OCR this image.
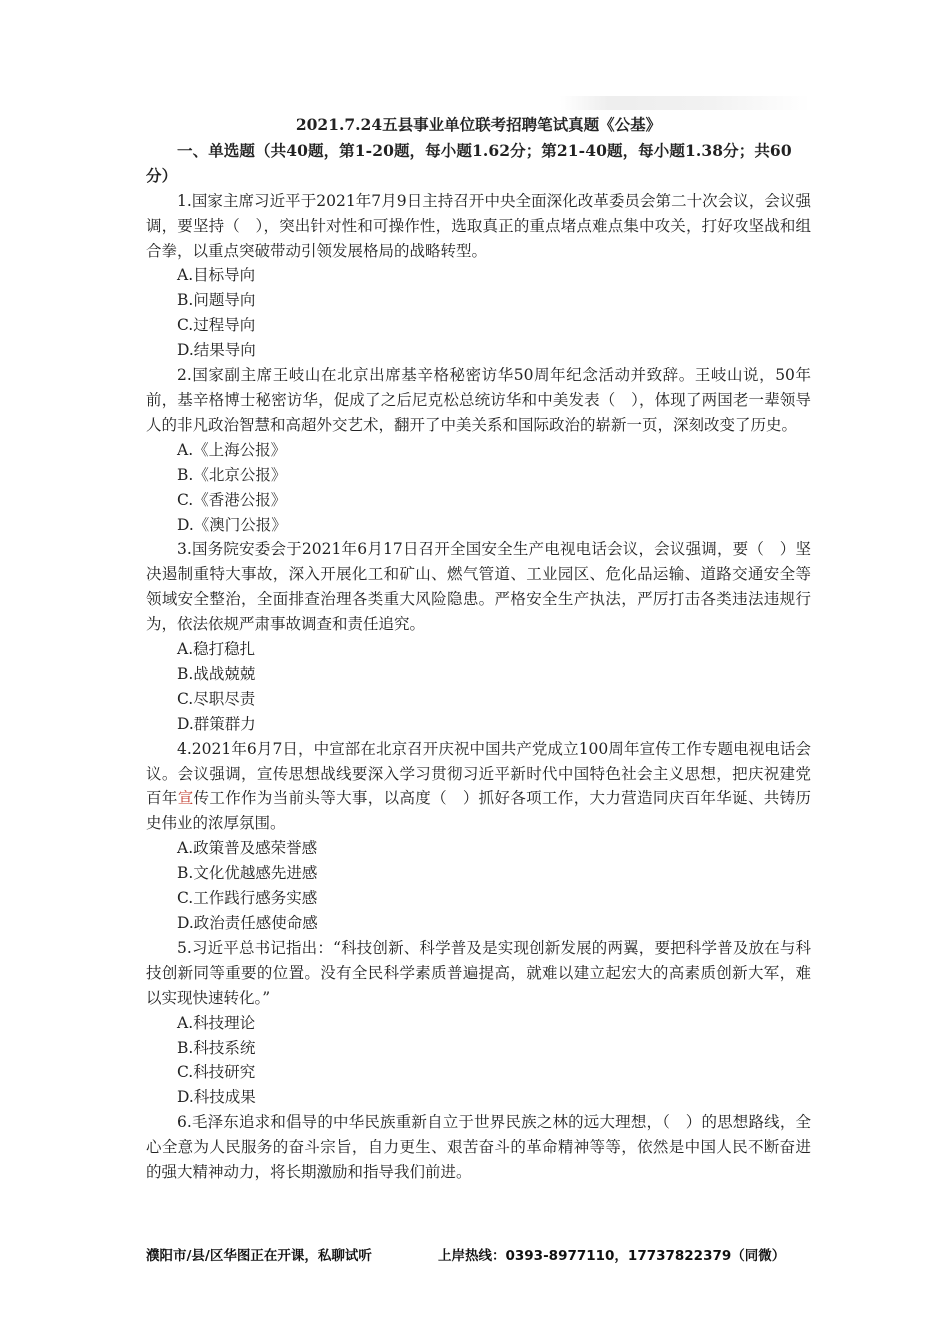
2021.7.24五县事业单位联考招聘笔试真题《公基》
一、单选题（共40题，第1-20题，每小题1.62分；第21-40题，每小题1.38分；共60分）
1.国家主席习近平于2021年7月9日主持召开中央全面深化改革委员会第二十次会议，会议强调，要坚持（　），突出针对性和可操作性，选取真正的重点堵点难点集中攻关，打好攻坚战和组合拳，以重点突破带动引领发展格局的战略转型。
A.目标导向
B.问题导向
C.过程导向
D.结果导向
2.国家副主席王岐山在北京出席基辛格秘密访华50周年纪念活动并致辞。王岐山说，50年前，基辛格博士秘密访华，促成了之后尼克松总统访华和中美发表（　），体现了两国老一辈领导人的非凡政治智慧和高超外交艺术，翻开了中美关系和国际政治的崭新一页，深刻改变了历史。
A.《上海公报》
B.《北京公报》
C.《香港公报》
D.《澳门公报》
3.国务院安委会于2021年6月17日召开全国安全生产电视电话会议，会议强调，要（　）坚决遏制重特大事故，深入开展化工和矿山、燃气管道、工业园区、危化品运输、道路交通安全等领域安全整治，全面排查治理各类重大风险隐患。严格安全生产执法，严厉打击各类违法违规行为，依法依规严肃事故调查和责任追究。
A.稳打稳扎
B.战战兢兢
C.尽职尽责
D.群策群力
4.2021年6月7日，中宣部在北京召开庆祝中国共产党成立100周年宣传工作专题电视电话会议。会议强调，宣传思想战线要深入学习贯彻习近平新时代中国特色社会主义思想，把庆祝建党百年宣传工作作为当前头等大事，以高度（　）抓好各项工作，大力营造同庆百年华诞、共铸历史伟业的浓厚氛围。
A.政策普及感荣誉感
B.文化优越感先进感
C.工作践行感务实感
D.政治责任感使命感
5.习近平总书记指出：“科技创新、科学普及是实现创新发展的两翼，要把科学普及放在与科技创新同等重要的位置。没有全民科学素质普遍提高，就难以建立起宏大的高素质创新大军，难以实现快速转化。”
A.科技理论
B.科技系统
C.科技研究
D.科技成果
6.毛泽东追求和倡导的中华民族重新自立于世界民族之林的远大理想，（　）的思想路线，全心全意为人民服务的奋斗宗旨，自力更生、艰苦奋斗的革命精神等等，依然是中国人民不断奋进的强大精神动力，将长期激励和指导我们前进。
濮阳市/县/区华图正在开课，私聊试听	上岸热线：0393-8977110，17737822379（同微）
